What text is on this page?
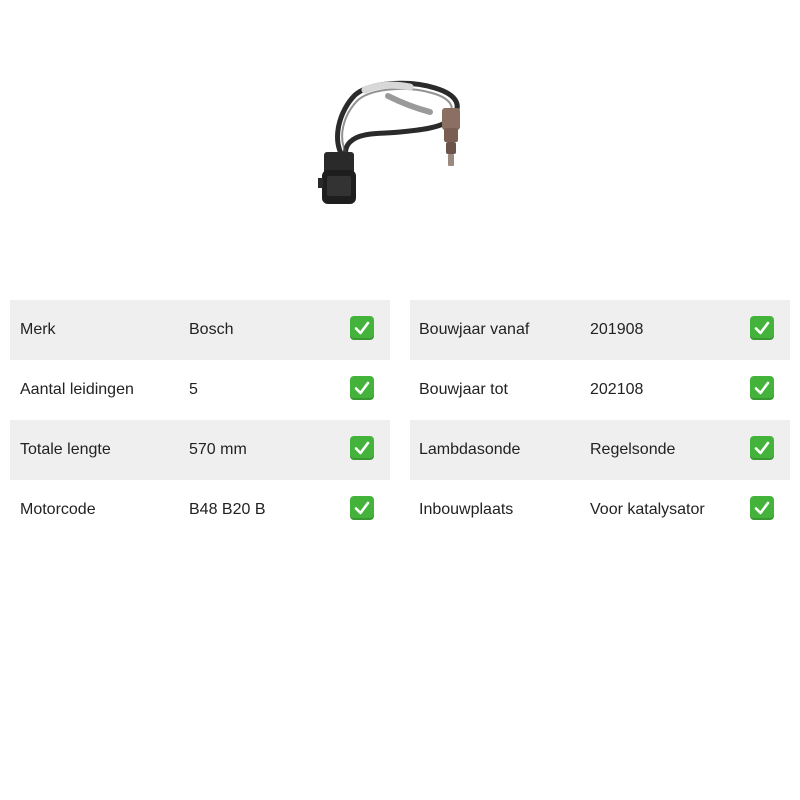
Merk	Bosch
Aantal leidingen	5
Totale lengte	570 mm
Motorcode	B48 B20 B
Bouwjaar vanaf	201908
Bouwjaar tot	202108
Lambdasonde	Regelsonde
Inbouwplaats	Voor katalysator
